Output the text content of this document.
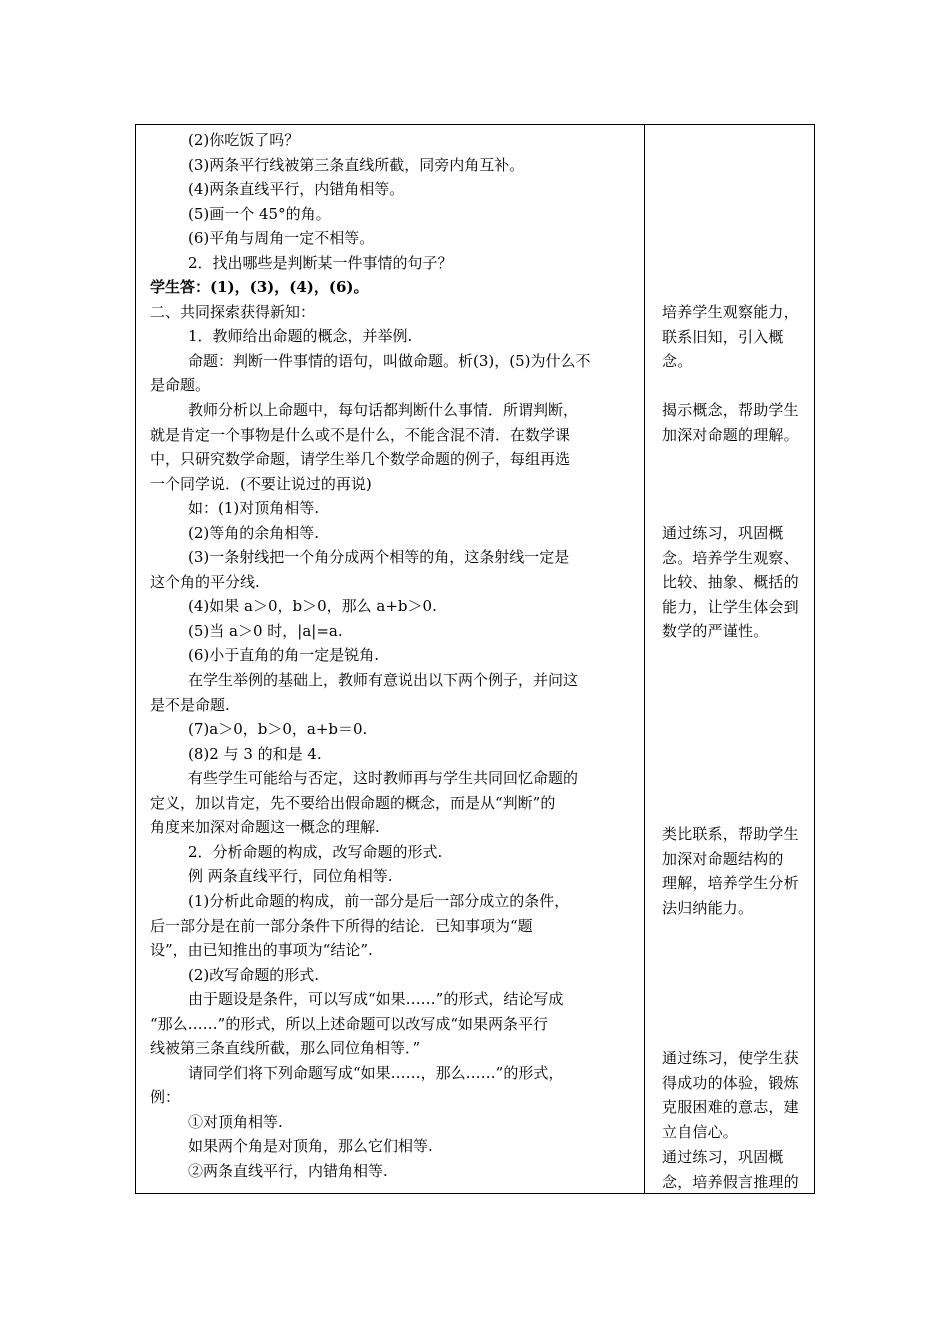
(2)你吃饭了吗？
(3)两条平行线被第三条直线所截，同旁内角互补。
(4)两条直线平行，内错角相等。
(5)画一个 45°的角。
(6)平角与周角一定不相等。
2．找出哪些是判断某一件事情的句子？
学生答：(1)，(3)，(4)，(6)。
二、共同探索获得新知：
1．教师给出命题的概念，并举例.
命题：判断一件事情的语句，叫做命题。析(3)，(5)为什么不
是命题。
教师分析以上命题中，每句话都判断什么事情．所谓判断，
就是肯定一个事物是什么或不是什么，不能含混不清．在数学课
中，只研究数学命题，请学生举几个数学命题的例子，每组再选
一个同学说．(不要让说过的再说)
如：(1)对顶角相等.
(2)等角的余角相等.
(3)一条射线把一个角分成两个相等的角，这条射线一定是
这个角的平分线.
(4)如果 a＞0，b＞0，那么 a+b＞0.
(5)当 a＞0 时，|a|=a.
(6)小于直角的角一定是锐角.
在学生举例的基础上，教师有意说出以下两个例子，并问这
是不是命题.
(7)a＞0，b＞0，a+b＝0.
(8)2 与 3 的和是 4.
有些学生可能给与否定，这时教师再与学生共同回忆命题的
定义，加以肯定，先不要给出假命题的概念，而是从“判断”的
角度来加深对命题这一概念的理解.
2．分析命题的构成，改写命题的形式.
例 两条直线平行，同位角相等.
(1)分析此命题的构成，前一部分是后一部分成立的条件，
后一部分是在前一部分条件下所得的结论．已知事项为“题
设”，由已知推出的事项为“结论”.
(2)改写命题的形式.
由于题设是条件，可以写成“如果……”的形式，结论写成
“那么……”的形式，所以上述命题可以改写成“如果两条平行
线被第三条直线所截，那么同位角相等．”
请同学们将下列命题写成“如果……，那么……”的形式，
例：
①对顶角相等.
如果两个角是对顶角，那么它们相等.
②两条直线平行，内错角相等.
培养学生观察能力，
联系旧知，引入概
念。
揭示概念，帮助学生
加深对命题的理解。
通过练习，巩固概
念。培养学生观察、
比较、抽象、概括的
能力，让学生体会到
数学的严谨性。
类比联系，帮助学生
加深对命题结构的
理解，培养学生分析
法归纳能力。
通过练习，使学生获
得成功的体验，锻炼
克服困难的意志，建
立自信心。
通过练习，巩固概
念，培养假言推理的
